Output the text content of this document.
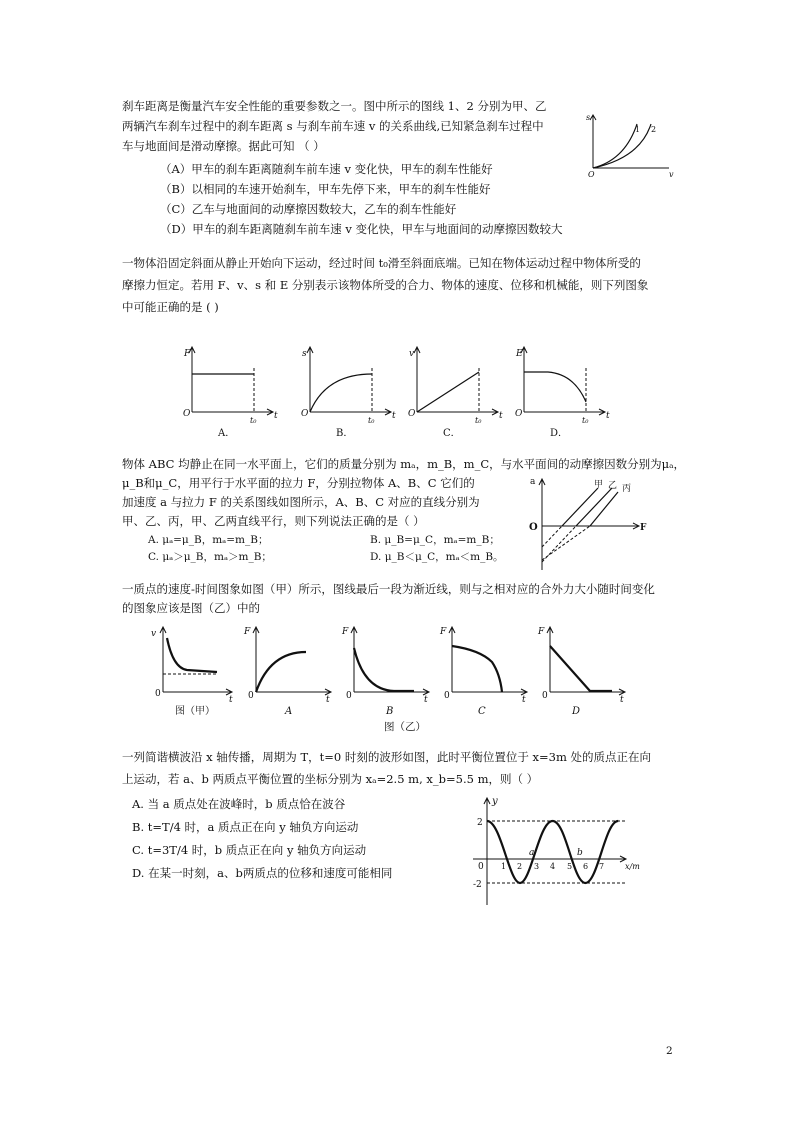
刹车距离是衡量汽车安全性能的重要参数之一。图中所示的图线 1、2 分别为甲、乙
两辆汽车刹车过程中的刹车距离 s 与刹车前车速 v 的关系曲线,已知紧急刹车过程中
车与地面间是滑动摩擦。据此可知 （ ）
（A）甲车的刹车距离随刹车前车速 v 变化快，甲车的刹车性能好
（B）以相同的车速开始刹车，甲车先停下来，甲车的刹车性能好
（C）乙车与地面间的动摩擦因数较大，乙车的刹车性能好
（D）甲车的刹车距离随刹车前车速 v 变化快，甲车与地面间的动摩擦因数较大
s
v
O
1 2
一物体沿固定斜面从静止开始向下运动，经过时间 t₀滑至斜面底端。已知在物体运动过程中物体所受的
摩擦力恒定。若用 F、v、s 和 E 分别表示该物体所受的合力、物体的速度、位移和机械能，则下列图象
中可能正确的是 ( )
F
t
O
t₀
A．
s
t
O
t₀
B．
v
t
O
t₀
C．
E
t
O
t₀
D．
物体 ABC 均静止在同一水平面上，它们的质量分别为 mₐ，m_B，m_C，与水平面间的动摩擦因数分别为μₐ，
μ_B和μ_C，用平行于水平面的拉力 F，分别拉物体 A、B、C 它们的
加速度 a 与拉力 F 的关系图线如图所示，A、B、C 对应的直线分别为
甲、乙、丙，甲、乙两直线平行，则下列说法正确的是（ ）
A. μₐ=μ_B，mₐ=m_B；	B. μ_B=μ_C，mₐ=m_B；
C. μₐ＞μ_B，mₐ＞m_B；	D. μ_B＜μ_C，mₐ＜m_B。
a
F
O
甲 乙 丙
一质点的速度-时间图象如图（甲）所示，图线最后一段为渐近线，则与之相对应的合外力大小随时间变化
的图象应该是图（乙）中的
v
t
0
图（甲）
F
t
0
A
F
t
0
B
F
t
0
C
F
t
0
D
图（乙）
一列简谐横波沿 x 轴传播，周期为 T，t=0 时刻的波形如图，此时平衡位置位于 x=3m 处的质点正在向
上运动，若 a、b 两质点平衡位置的坐标分别为 xₐ=2.5 m, x_b=5.5 m，则（ ）
A. 当 a 质点处在波峰时，b 质点恰在波谷
B. t=T/4 时，a 质点正在向 y 轴负方向运动
C. t=3T/4 时，b 质点正在向 y 轴负方向运动
D. 在某一时刻，a、b两质点的位移和速度可能相同
y
x/m
0
2
-2
1 2 3 4 5 6 7
a	b
2
